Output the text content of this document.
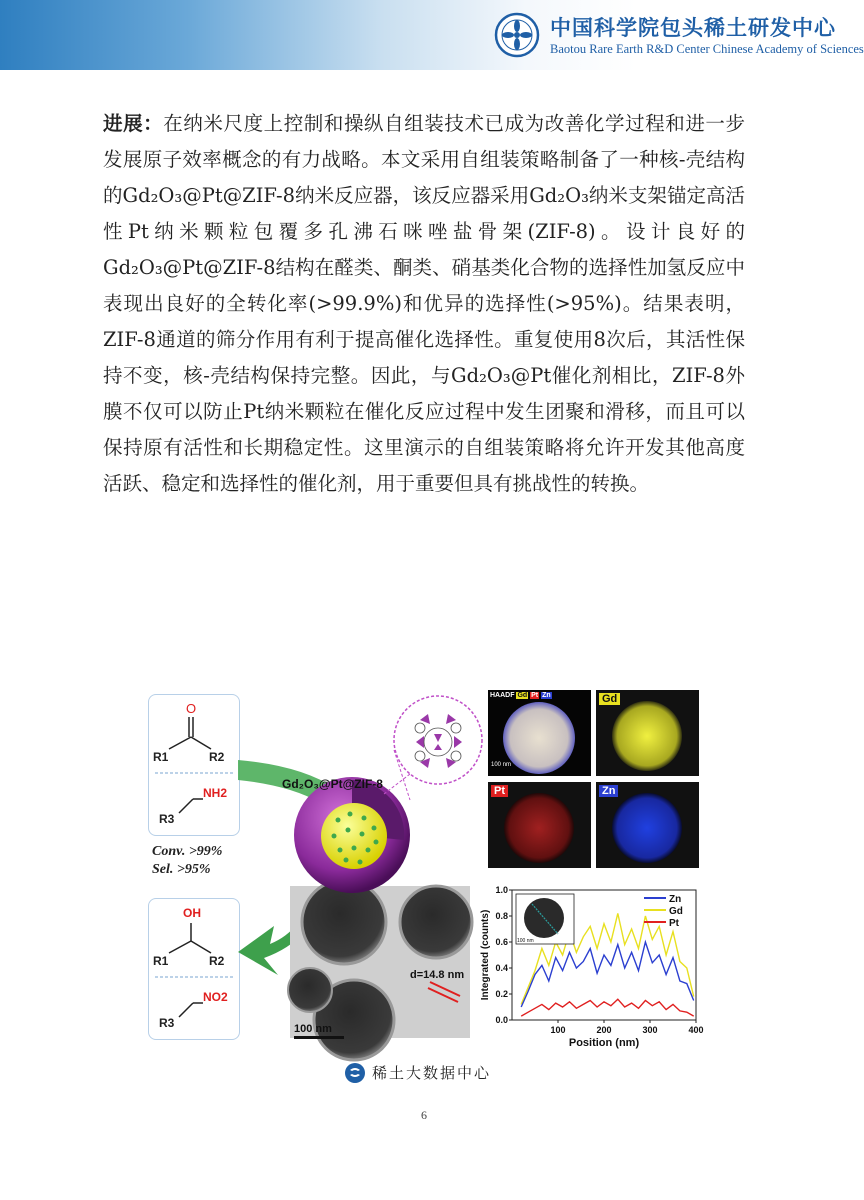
中国科学院包头稀土研发中心
Baotou Rare Earth R&D Center Chinese Academy of Sciences
进展：在纳米尺度上控制和操纵自组装技术已成为改善化学过程和进一步发展原子效率概念的有力战略。本文采用自组装策略制备了一种核-壳结构的Gd₂O₃@Pt@ZIF-8纳米反应器，该反应器采用Gd₂O₃纳米支架锚定高活性Pt纳米颗粒包覆多孔沸石咪唑盐骨架(ZIF-8)。设计良好的Gd₂O₃@Pt@ZIF-8结构在醛类、酮类、硝基类化合物的选择性加氢反应中表现出良好的全转化率(>99.9%)和优异的选择性(>95%)。结果表明，ZIF-8通道的筛分作用有利于提高催化选择性。重复使用8次后，其活性保持不变，核-壳结构保持完整。因此，与Gd₂O₃@Pt催化剂相比，ZIF-8外膜不仅可以防止Pt纳米颗粒在催化反应过程中发生团聚和滑移，而且可以保持原有活性和长期稳定性。这里演示的自组装策略将允许开发其他高度活跃、稳定和选择性的催化剂，用于重要但具有挑战性的转换。
O
R1	R2
R3
NH2
Conv. >99%
Sel. >95%
OH
R1	R2
R3
NO2
d=14.8 nm
100 nm
Gd₂O₃@Pt@ZIF-8
HAADF Gd Pt Zn
100 nm
Gd
Pt	Zn
0.0
0.2
0.4
0.6
0.8
1.0
100	200	300	400
Zn
Gd
Pt
100 nm
Position (nm)
Integrated (counts)
稀土大数据中心
6
